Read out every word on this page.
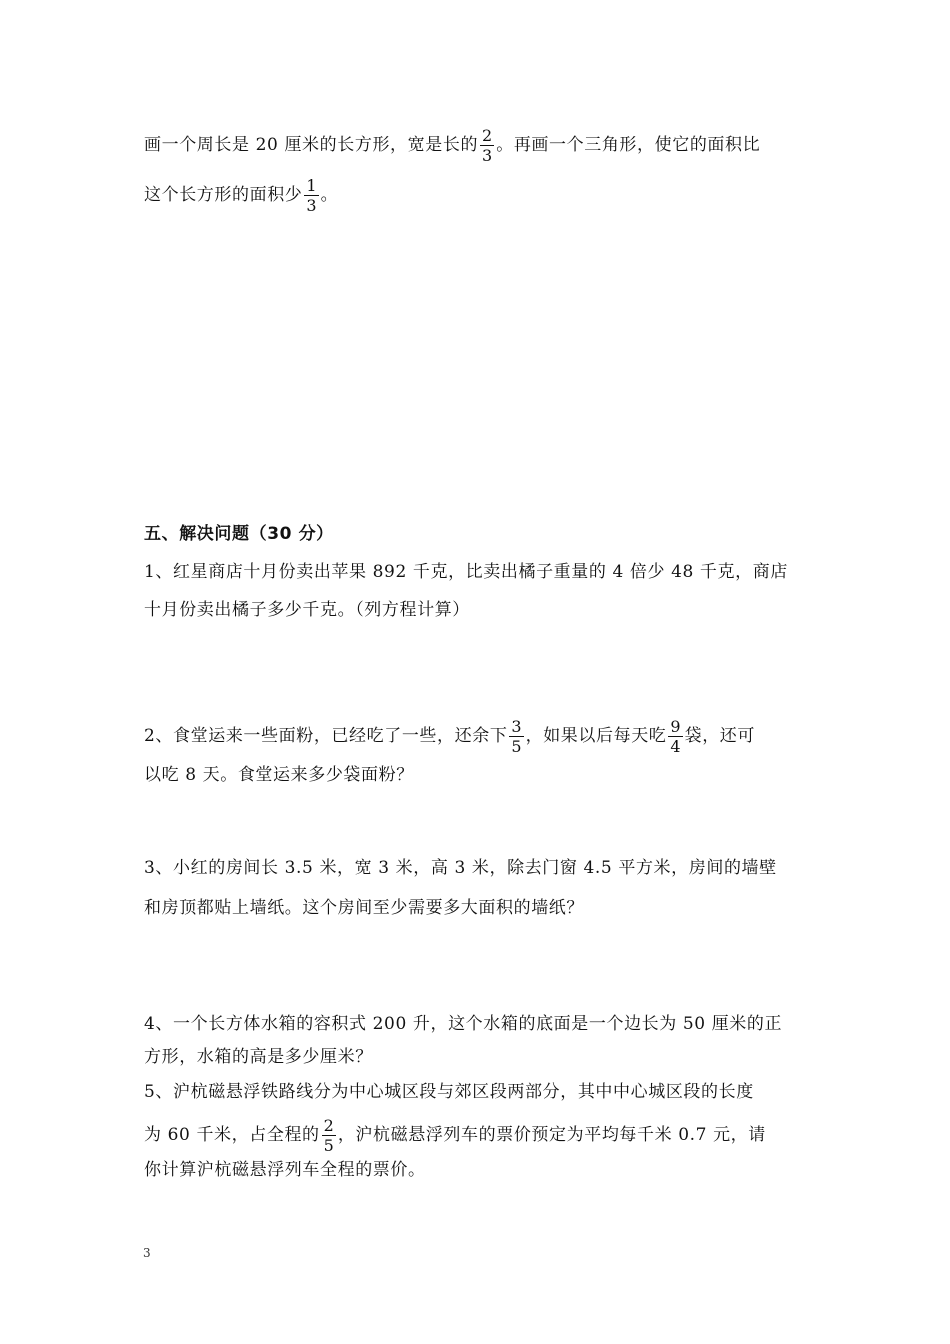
画一个周长是 20 厘米的长方形，宽是长的 $\frac{2}{3}$ 。再画一个三角形，使它的面积比
这个长方形的面积少 $\frac{1}{3}$ 。
五、解决问题（30 分）
1、红星商店十月份卖出苹果 892 千克，比卖出橘子重量的 4 倍少 48 千克，商店
十月份卖出橘子多少千克。（列方程计算）
2、食堂运来一些面粉，已经吃了一些，还余下 $\frac{3}{5}$ ，如果以后每天吃 $\frac{9}{4}$ 袋，还可
以吃 8 天。食堂运来多少袋面粉？
3、小红的房间长 3.5 米，宽 3 米，高 3 米，除去门窗 4.5 平方米，房间的墙壁
和房顶都贴上墙纸。这个房间至少需要多大面积的墙纸？
4、一个长方体水箱的容积式 200 升，这个水箱的底面是一个边长为 50 厘米的正
方形，水箱的高是多少厘米？
5、沪杭磁悬浮铁路线分为中心城区段与郊区段两部分，其中中心城区段的长度
为 60 千米，占全程的 $\frac{2}{5}$ ，沪杭磁悬浮列车的票价预定为平均每千米 0.7 元，请
你计算沪杭磁悬浮列车全程的票价。
3
